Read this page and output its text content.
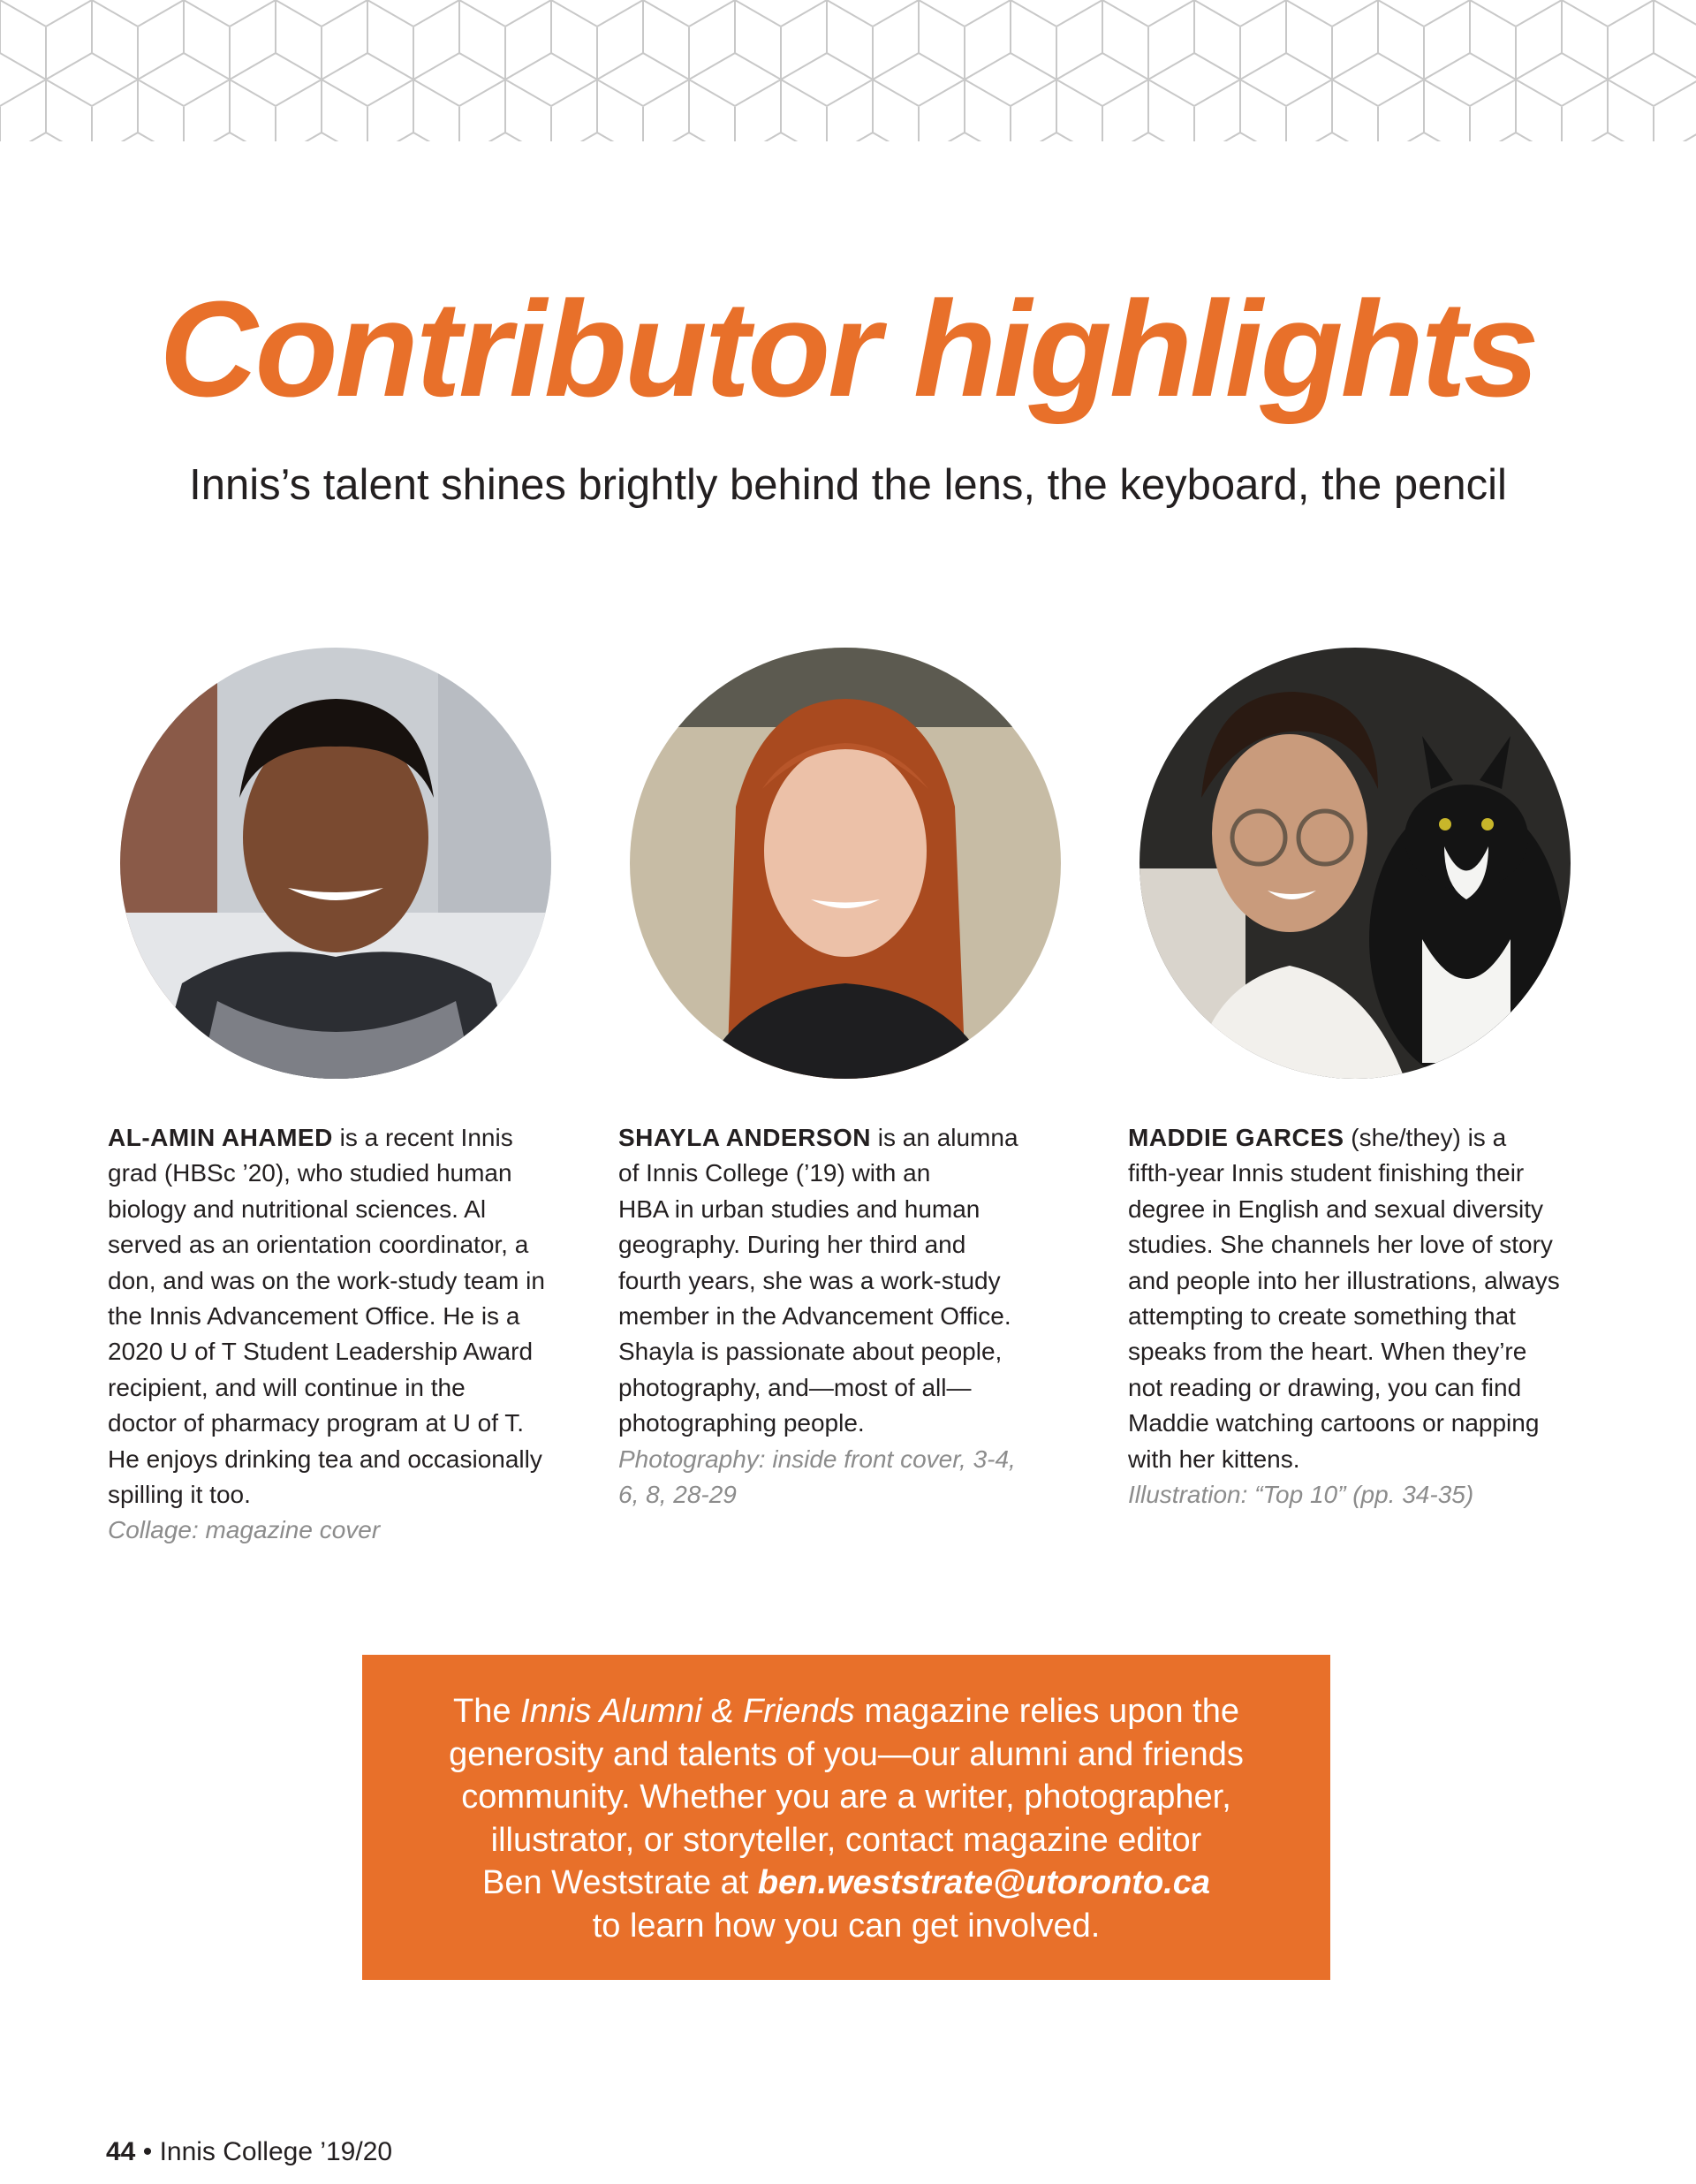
Contributor highlights
Innis’s talent shines brightly behind the lens, the keyboard, the pencil
AL-AMIN AHAMED is a recent Innis
grad (HBSc ’20), who studied human
biology and nutritional sciences. Al
served as an orientation coordinator, a
don, and was on the work-study team in
the Innis Advancement Office. He is a
2020 U of T Student Leadership Award
recipient, and will continue in the
doctor of pharmacy program at U of T.
He enjoys drinking tea and occasionally
spilling it too.
Collage: magazine cover
SHAYLA ANDERSON is an alumna
of Innis College (’19) with an
HBA in urban studies and human
geography. During her third and
fourth years, she was a work-study
member in the Advancement Office.
Shayla is passionate about people,
photography, and—most of all—
photographing people.
Photography: inside front cover, 3-4,
6, 8, 28-29
MADDIE GARCES (she/they) is a
fifth-year Innis student finishing their
degree in English and sexual diversity
studies. She channels her love of story
and people into her illustrations, always
attempting to create something that
speaks from the heart. When they’re
not reading or drawing, you can find
Maddie watching cartoons or napping
with her kittens.
Illustration: “Top 10” (pp. 34-35)
The Innis Alumni & Friends magazine relies upon the
generosity and talents of you—our alumni and friends
community. Whether you are a writer, photographer,
illustrator, or storyteller, contact magazine editor
Ben Weststrate at ben.weststrate@utoronto.ca
to learn how you can get involved.
44 • Innis College ’19/20
